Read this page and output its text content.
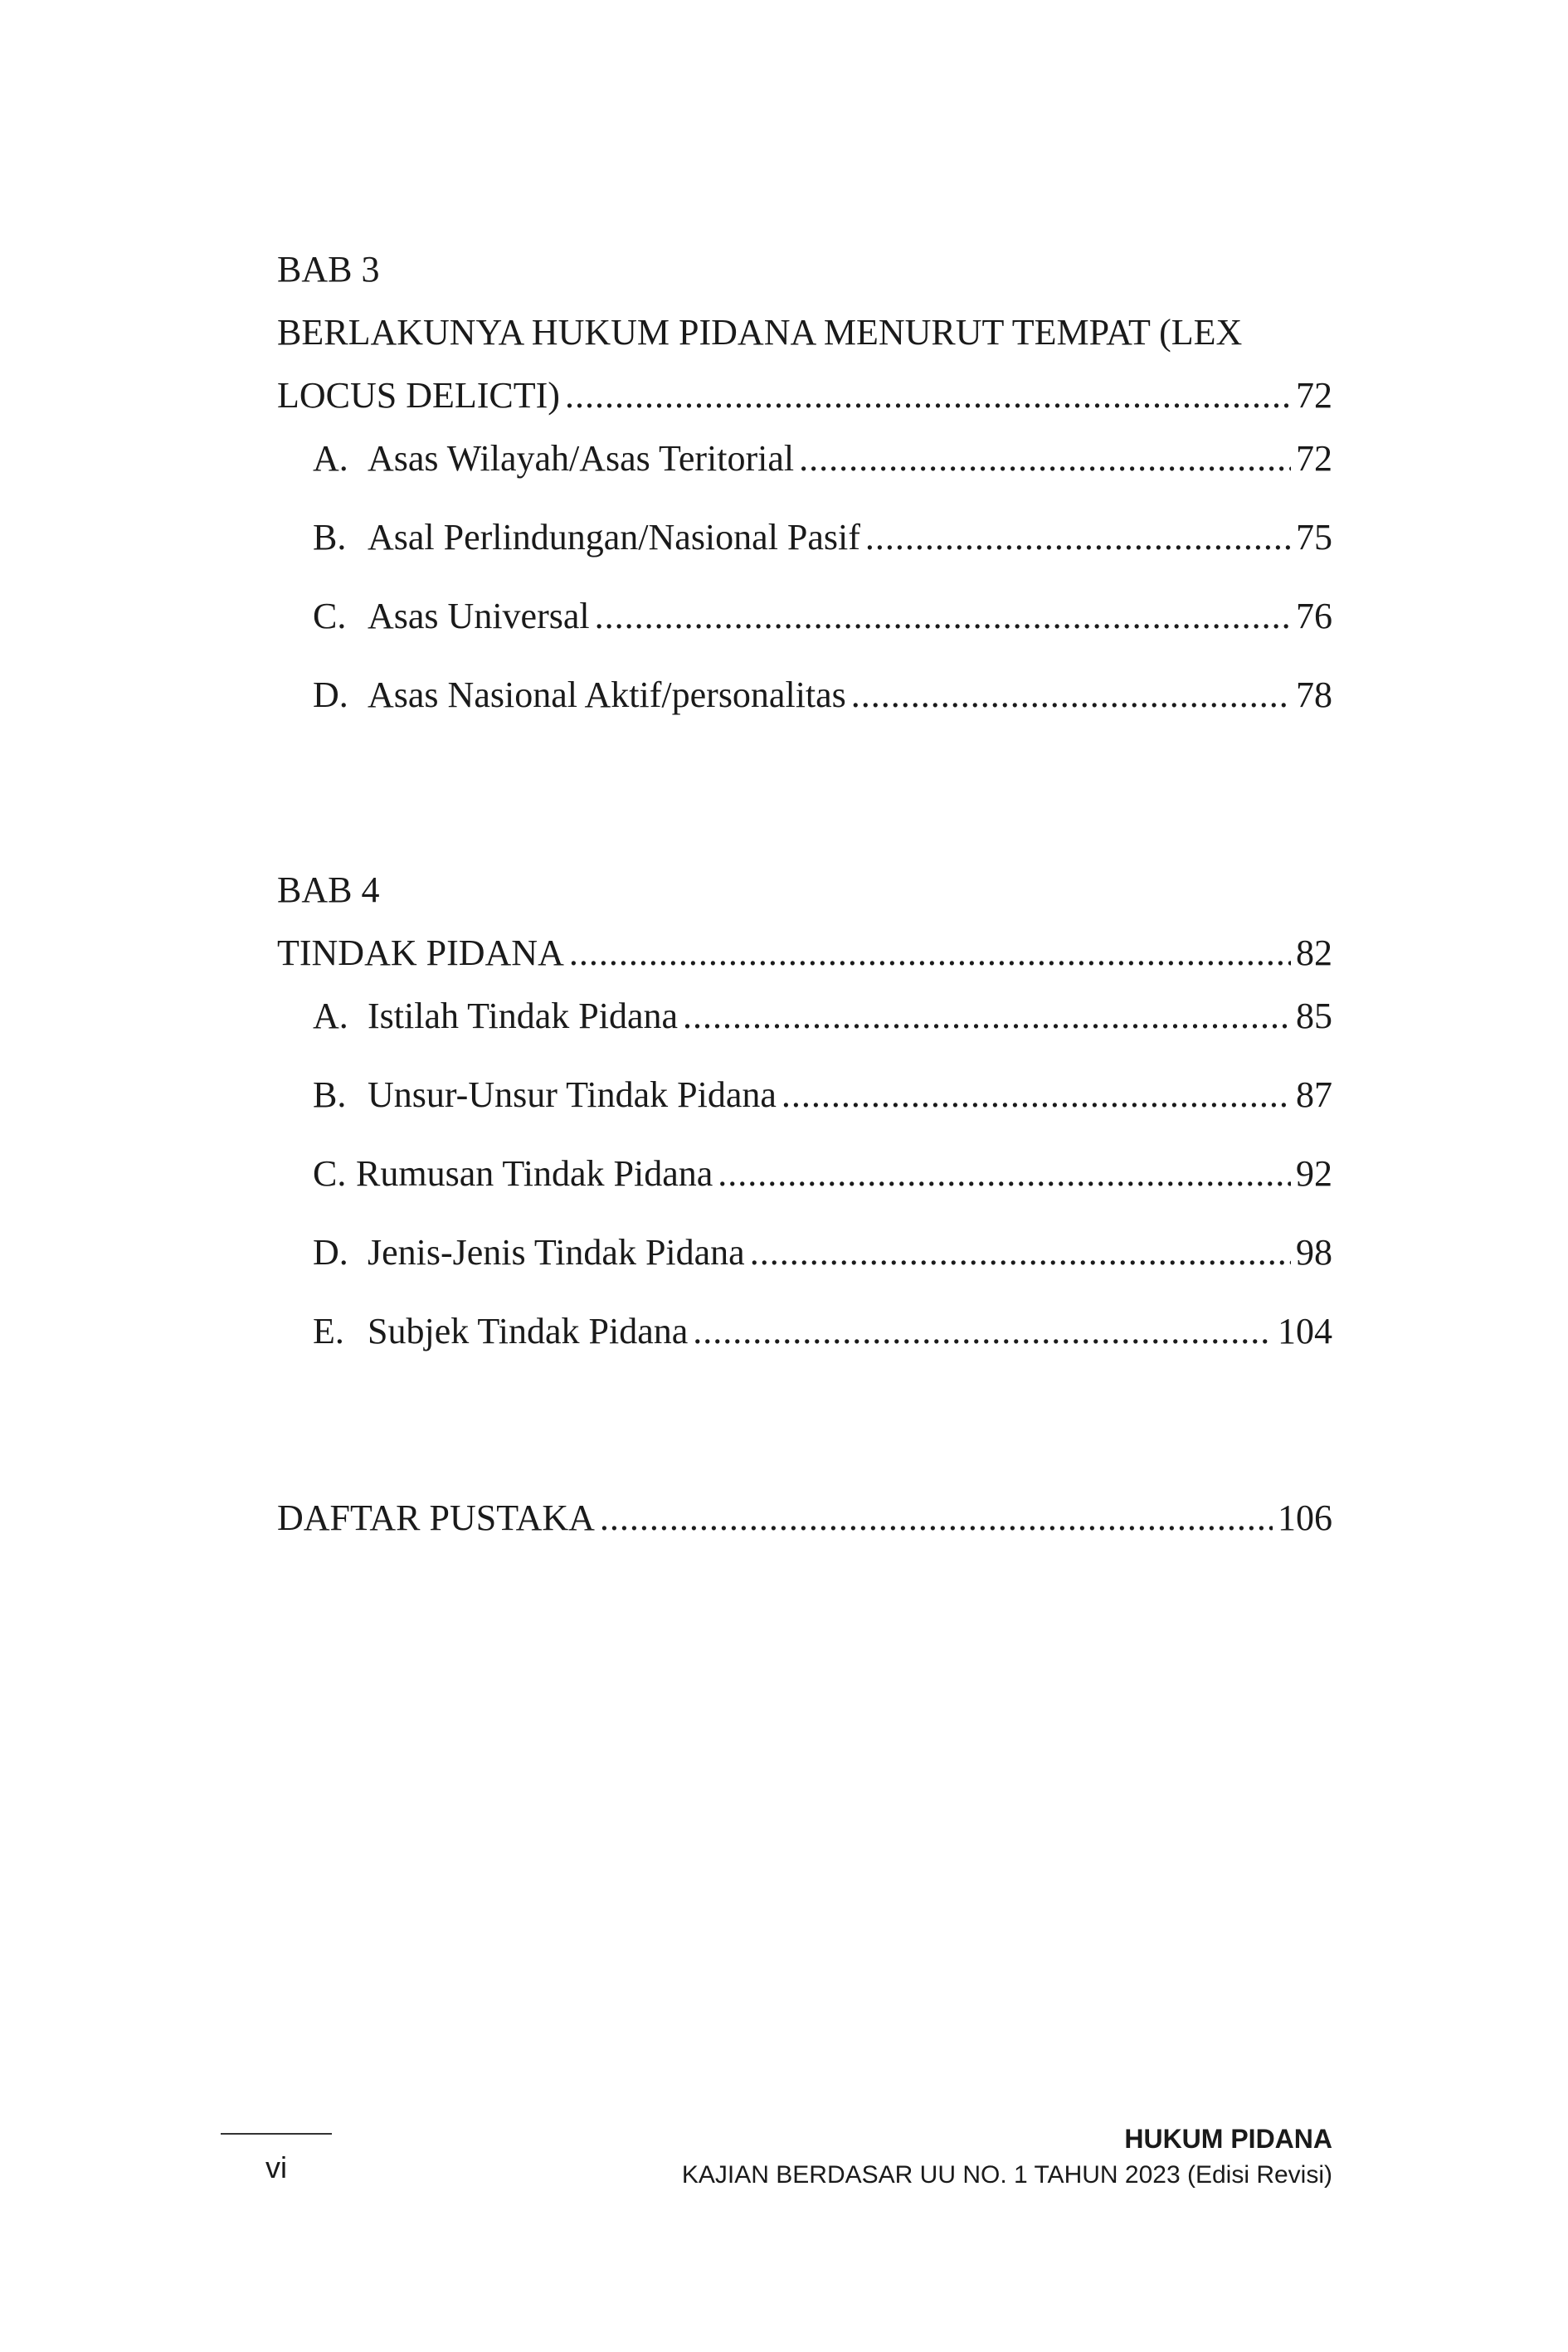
BAB 3
BERLAKUNYA HUKUM PIDANA MENURUT TEMPAT (LEX
LOCUS DELICTI) .....	72
A. Asas Wilayah/Asas Teritorial .....	72
B. Asal Perlindungan/Nasional Pasif .....	75
C. Asas Universal .....	76
D. Asas Nasional Aktif/personalitas .....	78
BAB 4
TINDAK PIDANA .....	82
A. Istilah Tindak Pidana .....	85
B. Unsur-Unsur Tindak Pidana .....	87
C. Rumusan Tindak Pidana .....	92
D. Jenis-Jenis Tindak Pidana .....	98
E. Subjek Tindak Pidana .....	104
DAFTAR PUSTAKA .....	106
vi
HUKUM PIDANA
KAJIAN BERDASAR UU NO. 1 TAHUN 2023 (Edisi Revisi)
